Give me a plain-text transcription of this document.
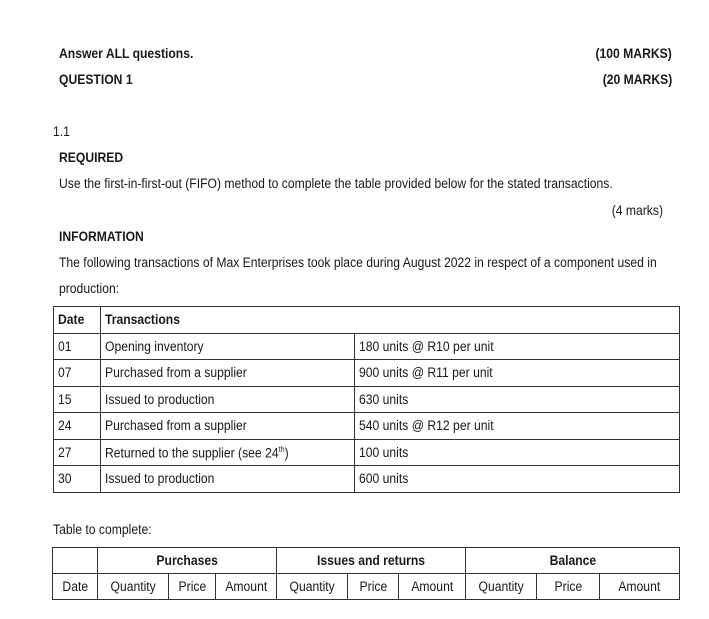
Answer ALL questions.	(100 MARKS)
QUESTION 1	(20 MARKS)
1.1
REQUIRED
Use the first-in-first-out (FIFO) method to complete the table provided below for the stated transactions.
(4 marks)
INFORMATION
The following transactions of Max Enterprises took place during August 2022 in respect of a component used in
production:
Date	Transactions	
01	Opening inventory	180 units @ R10 per unit
07	Purchased from a supplier	900 units @ R11 per unit
15	Issued to production	630 units
24	Purchased from a supplier	540 units @ R12 per unit
27	Returned to the supplier (see 24th)	100 units
30	Issued to production	600 units
Table to complete:
	Purchases			Issues and returns			Balance		
Date	Quantity	Price	Amount	Quantity	Price	Amount	Quantity	Price	Amount
